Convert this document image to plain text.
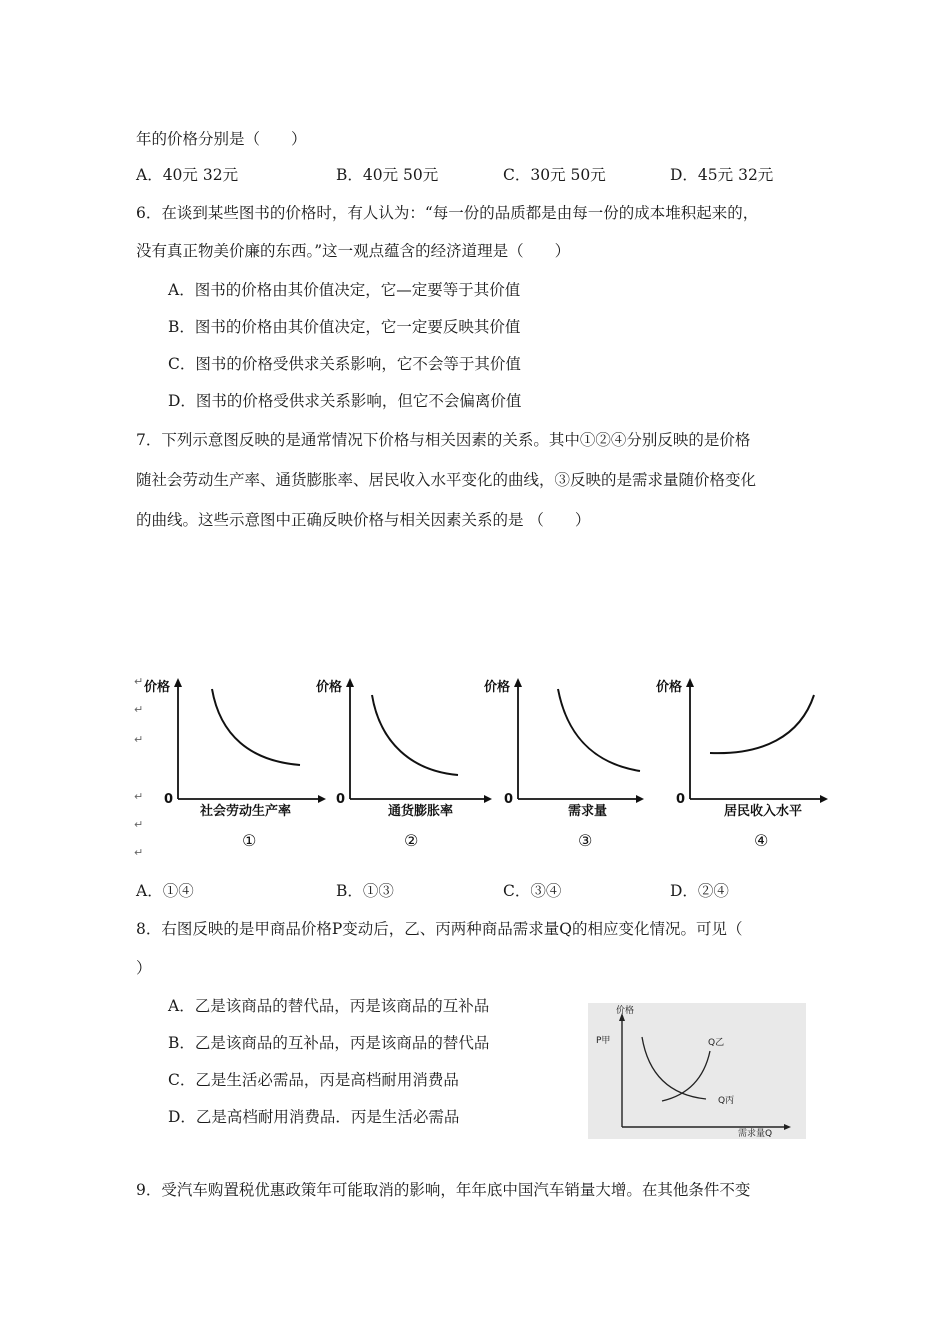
年的价格分别是（　　）
A．40元 32元	B．40元 50元	C．30元 50元	D．45元 32元
6．在谈到某些图书的价格时，有人认为：“每一份的品质都是由每一份的成本堆积起来的，
没有真正物美价廉的东西。”这一观点蕴含的经济道理是（　　）
A．图书的价格由其价值决定，它—定要等于其价值
B．图书的价格由其价值决定，它一定要反映其价值
C．图书的价格受供求关系影响，它不会等于其价值
D．图书的价格受供求关系影响，但它不会偏离价值
7．下列示意图反映的是通常情况下价格与相关因素的关系。其中①②④分别反映的是价格
随社会劳动生产率、通货膨胀率、居民收入水平变化的曲线，③反映的是需求量随价格变化
的曲线。这些示意图中正确反映价格与相关因素关系的是 （　　）
↵
↵
↵
↵
↵
↵
价格
0
社会劳动生产率
①
价格
0
通货膨胀率
②
价格
0
需求量
③
价格
0
居民收入水平
④
A．①④	B．①③	C．③④	D．②④
8．右图反映的是甲商品价格P变动后，乙、丙两种商品需求量Q的相应变化情况。可见（
）
A．乙是该商品的替代品，丙是该商品的互补品
B．乙是该商品的互补品，丙是该商品的替代品
C．乙是生活必需品，丙是高档耐用消费品
D．乙是高档耐用消费品．丙是生活必需品
价格
P甲	Q乙
Q丙
需求量Q
9．受汽车购置税优惠政策年可能取消的影响，年年底中国汽车销量大增。在其他条件不变
